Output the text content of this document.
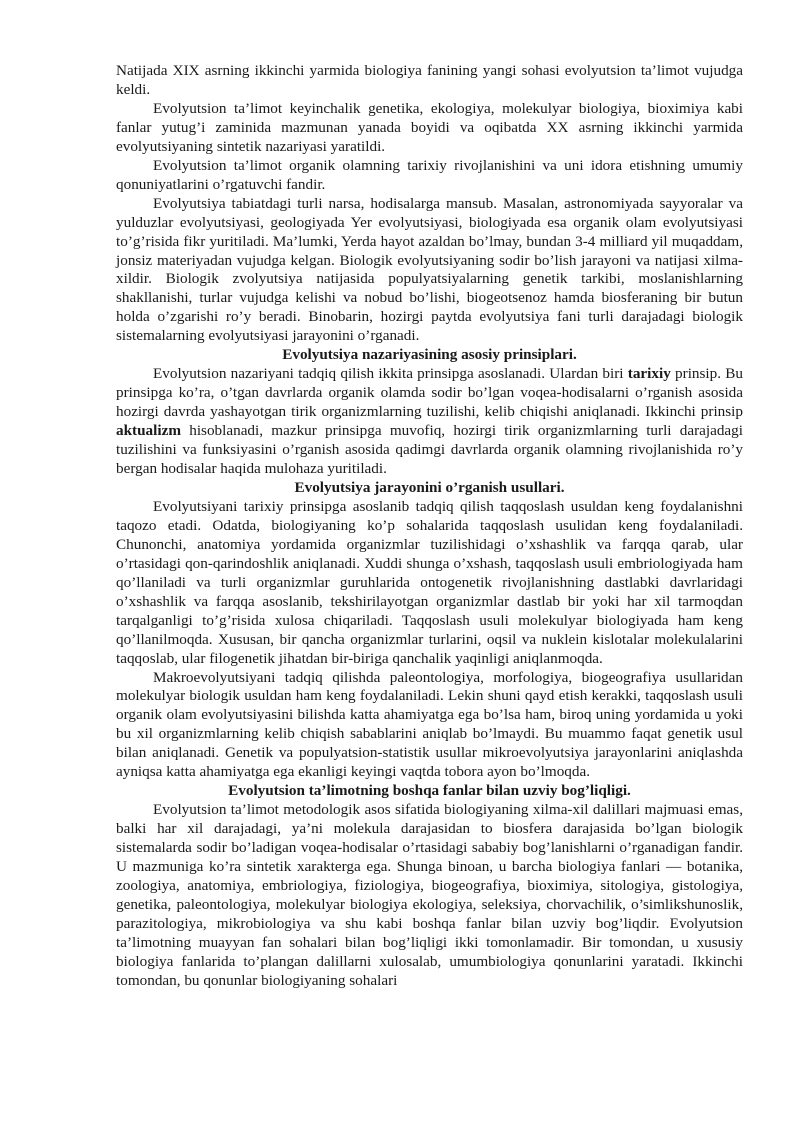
Natijada XIX asrning ikkinchi yarmida biologiya fanining yangi sohasi evolyutsion ta’limot vujudga keldi.

Evolyutsion ta’limot keyinchalik genetika, ekologiya, molekulyar biologiya, bioximiya kabi fanlar yutug’i zaminida mazmunan yanada boyidi va oqibatda XX asrning ikkinchi yarmida evolyutsiyaning sintetik nazariyasi yaratildi.

Evolyutsion ta’limot organik olamning tarixiy rivojlanishini va uni idora etishning umumiy qonuniyatlarini o’rgatuvchi fandir.

Evolyutsiya tabiatdagi turli narsa, hodisalarga mansub. Masalan, astronomiyada sayyoralar va yulduzlar evolyutsiyasi, geologiyada Yer evolyutsiyasi, biologiyada esa organik olam evolyutsiyasi to’g’risida fikr yuritiladi. Ma’lumki, Yerda hayot azaldan bo’lmay, bundan 3-4 milliard yil muqaddam, jonsiz materiyadan vujudga kelgan. Biologik evolyutsiyaning sodir bo’lish jarayoni va natijasi xilma-xildir. Biologik zvolyutsiya natijasida populyatsiyalarning genetik tarkibi, moslanishlarning shakllanishi, turlar vujudga kelishi va nobud bo’lishi, biogeotsenoz hamda biosferaning bir butun holda o’zgarishi ro’y beradi. Binobarin, hozirgi paytda evolyutsiya fani turli darajadagi biologik sistemalarning evolyutsiyasi jarayonini o’rganadi.

Evolyutsiya nazariyasining asosiy prinsiplari.

Evolyutsion nazariyani tadqiq qilish ikkita prinsipga asoslanadi. Ulardan biri tarixiy prinsip. Bu prinsipga ko’ra, o’tgan davrlarda organik olamda sodir bo’lgan voqea-hodisalarni o’rganish asosida hozirgi davrda yashayotgan tirik organizmlarning tuzilishi, kelib chiqishi aniqlanadi. Ikkinchi prinsip aktualizm hisoblanadi, mazkur prinsipga muvofiq, hozirgi tirik organizmlarning turli darajadagi tuzilishini va funksiyasini o’rganish asosida qadimgi davrlarda organik olamning rivojlanishida ro’y bergan hodisalar haqida mulohaza yuritiladi.

Evolyutsiya jarayonini o’rganish usullari.

Evolyutsiyani tarixiy prinsipga asoslanib tadqiq qilish taqqoslash usuldan keng foydalanishni taqozo etadi. Odatda, biologiyaning ko’p sohalarida taqqoslash usulidan keng foydalaniladi. Chunonchi, anatomiya yordamida organizmlar tuzilishidagi o’xshashlik va farqqa qarab, ular o’rtasidagi qon-qarindoshlik aniqlanadi. Xuddi shunga o’xshash, taqqoslash usuli embriologiyada ham qo’llaniladi va turli organizmlar guruhlarida ontogenetik rivojlanishning dastlabki davrlaridagi o’xshashlik va farqqa asoslanib, tekshirilayotgan organizmlar dastlab bir yoki har xil tarmoqdan tarqalganligi to’g’risida xulosa chiqariladi. Taqqoslash usuli molekulyar biologiyada ham keng qo’llanilmoqda. Xususan, bir qancha organizmlar turlarini, oqsil va nuklein kislotalar molekulalarini taqqoslab, ular filogenetik jihatdan bir-biriga qanchalik yaqinligi aniqlanmoqda.

Makroevolyutsiyani tadqiq qilishda paleontologiya, morfologiya, biogeografiya usullaridan molekulyar biologik usuldan ham keng foydalaniladi. Lekin shuni qayd etish kerakki, taqqoslash usuli organik olam evolyutsiyasini bilishda katta ahamiyatga ega bo’lsa ham, biroq uning yordamida u yoki bu xil organizmlarning kelib chiqish sabablarini aniqlab bo’lmaydi. Bu muammo faqat genetik usul bilan aniqlanadi. Genetik va populyatsion-statistik usullar mikroevolyutsiya jarayonlarini aniqlashda ayniqsa katta ahamiyatga ega ekanligi keyingi vaqtda tobora ayon bo’lmoqda.

Evolyutsion ta’limotning boshqa fanlar bilan uzviy bog’liqligi.

Evolyutsion ta’limot metodologik asos sifatida biologiyaning xilma-xil dalillari majmuasi emas, balki har xil darajadagi, ya’ni molekula darajasidan to biosfera darajasida bo’lgan biologik sistemalarda sodir bo’ladigan voqea-hodisalar o’rtasidagi sababiy bog’lanishlarni o’rganadigan fandir. U mazmuniga ko’ra sintetik xarakterga ega. Shunga binoan, u barcha biologiya fanlari — botanika, zoologiya, anatomiya, embriologiya, fiziologiya, biogeografiya, bioximiya, sitologiya, gistologiya, genetika, paleontologiya, molekulyar biologiya ekologiya, seleksiya, chorvachilik, o’simlikshunoslik, parazitologiya, mikrobiologiya va shu kabi boshqa fanlar bilan uzviy bog’liqdir. Evolyutsion ta’limotning muayyan fan sohalari bilan bog’liqligi ikki tomonlamadir. Bir tomondan, u xususiy biologiya fanlarida to’plangan dalillarni xulosalab, umumbiologiya qonunlarini yaratadi. Ikkinchi tomondan, bu qonunlar biologiyaning sohalari
